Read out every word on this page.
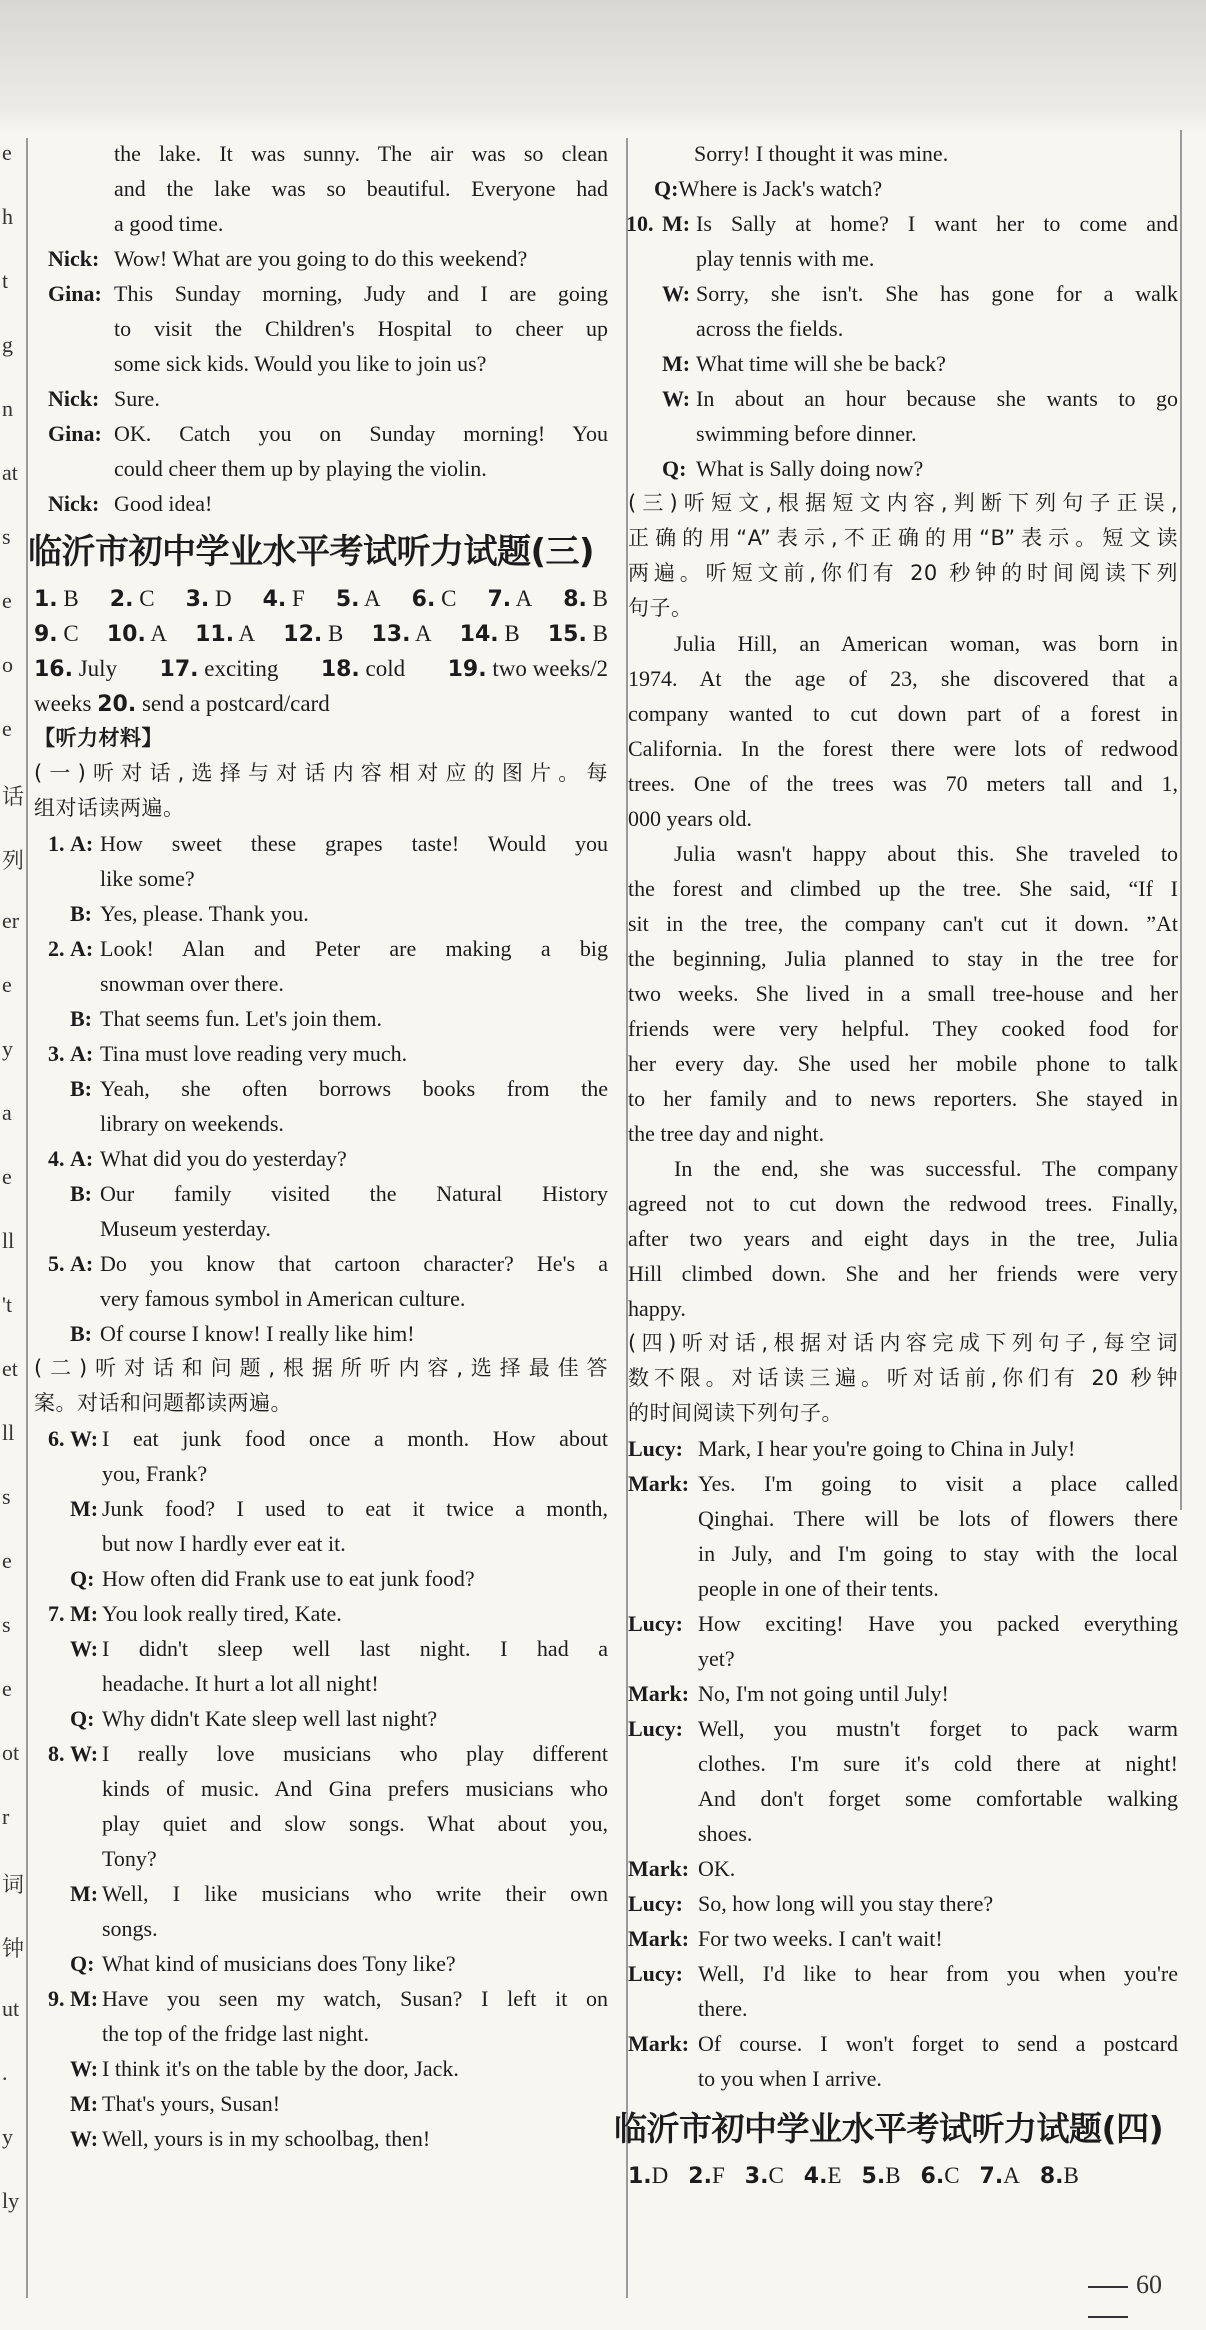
e
h
t
g
n
at
s
e
o
e
话
列
er
e
y
a
e
ll
't
et
ll
s
e
s
e
ot
r
词
钟
ut
.
y
ly
the lake. It was sunny. The air was so clean
and the lake was so beautiful. Everyone had
a good time.
Nick: Wow! What are you going to do this weekend?
Gina: This Sunday morning, Judy and I are going
to visit the Children's Hospital to cheer up
some sick kids. Would you like to join us?
Nick: Sure.
Gina: OK. Catch you on Sunday morning! You
could cheer them up by playing the violin.
Nick: Good idea!
临沂市初中学业水平考试听力试题(三)
1. B 2. C 3. D 4. F 5. A 6. C 7. A 8. B
9. C 10. A 11. A 12. B 13. A 14. B 15. B
16. July 17. exciting 18. cold 19. two weeks/2
weeks 20. send a postcard/card
【听力材料】
(一)听对话,选择与对话内容相对应的图片。每
组对话读两遍。
1. A: How sweet these grapes taste! Would you
like some?
B: Yes, please. Thank you.
2. A: Look! Alan and Peter are making a big
snowman over there.
B: That seems fun. Let's join them.
3. A: Tina must love reading very much.
B: Yeah, she often borrows books from the
library on weekends.
4. A: What did you do yesterday?
B: Our family visited the Natural History
Museum yesterday.
5. A: Do you know that cartoon character? He's a
very famous symbol in American culture.
B: Of course I know! I really like him!
(二)听对话和问题,根据所听内容,选择最佳答
案。对话和问题都读两遍。
6. W: I eat junk food once a month. How about
you, Frank?
M: Junk food? I used to eat it twice a month,
but now I hardly ever eat it.
Q: How often did Frank use to eat junk food?
7. M: You look really tired, Kate.
W: I didn't sleep well last night. I had a
headache. It hurt a lot all night!
Q: Why didn't Kate sleep well last night?
8. W: I really love musicians who play different
kinds of music. And Gina prefers musicians who
play quiet and slow songs. What about you,
Tony?
M: Well, I like musicians who write their own
songs.
Q: What kind of musicians does Tony like?
9. M: Have you seen my watch, Susan? I left it on
the top of the fridge last night.
W: I think it's on the table by the door, Jack.
M: That's yours, Susan!
W: Well, yours is in my schoolbag, then!
Sorry! I thought it was mine.
Q:Where is Jack's watch?
10. M: Is Sally at home? I want her to come and
play tennis with me.
W: Sorry, she isn't. She has gone for a walk
across the fields.
M: What time will she be back?
W: In about an hour because she wants to go
swimming before dinner.
Q: What is Sally doing now?
(三)听短文,根据短文内容,判断下列句子正误,
正确的用“A”表示,不正确的用“B”表示。短文读
两遍。听短文前,你们有 20 秒钟的时间阅读下列
句子。
Julia Hill, an American woman, was born in
1974. At the age of 23, she discovered that a
company wanted to cut down part of a forest in
California. In the forest there were lots of redwood
trees. One of the trees was 70 meters tall and 1,
000 years old.
Julia wasn't happy about this. She traveled to
the forest and climbed up the tree. She said, “If I
sit in the tree, the company can't cut it down. ”At
the beginning, Julia planned to stay in the tree for
two weeks. She lived in a small tree-house and her
friends were very helpful. They cooked food for
her every day. She used her mobile phone to talk
to her family and to news reporters. She stayed in
the tree day and night.
In the end, she was successful. The company
agreed not to cut down the redwood trees. Finally,
after two years and eight days in the tree, Julia
Hill climbed down. She and her friends were very
happy.
(四)听对话,根据对话内容完成下列句子,每空词
数不限。对话读三遍。听对话前,你们有 20 秒钟
的时间阅读下列句子。
Lucy: Mark, I hear you're going to China in July!
Mark: Yes. I'm going to visit a place called
Qinghai. There will be lots of flowers there
in July, and I'm going to stay with the local
people in one of their tents.
Lucy: How exciting! Have you packed everything
yet?
Mark: No, I'm not going until July!
Lucy: Well, you mustn't forget to pack warm
clothes. I'm sure it's cold there at night!
And don't forget some comfortable walking
shoes.
Mark: OK.
Lucy: So, how long will you stay there?
Mark: For two weeks. I can't wait!
Lucy: Well, I'd like to hear from you when you're
there.
Mark: Of course. I won't forget to send a postcard
to you when I arrive.
临沂市初中学业水平考试听力试题(四)
1.D 2.F 3.C 4.E 5.B 6.C 7.A 8.B
60
